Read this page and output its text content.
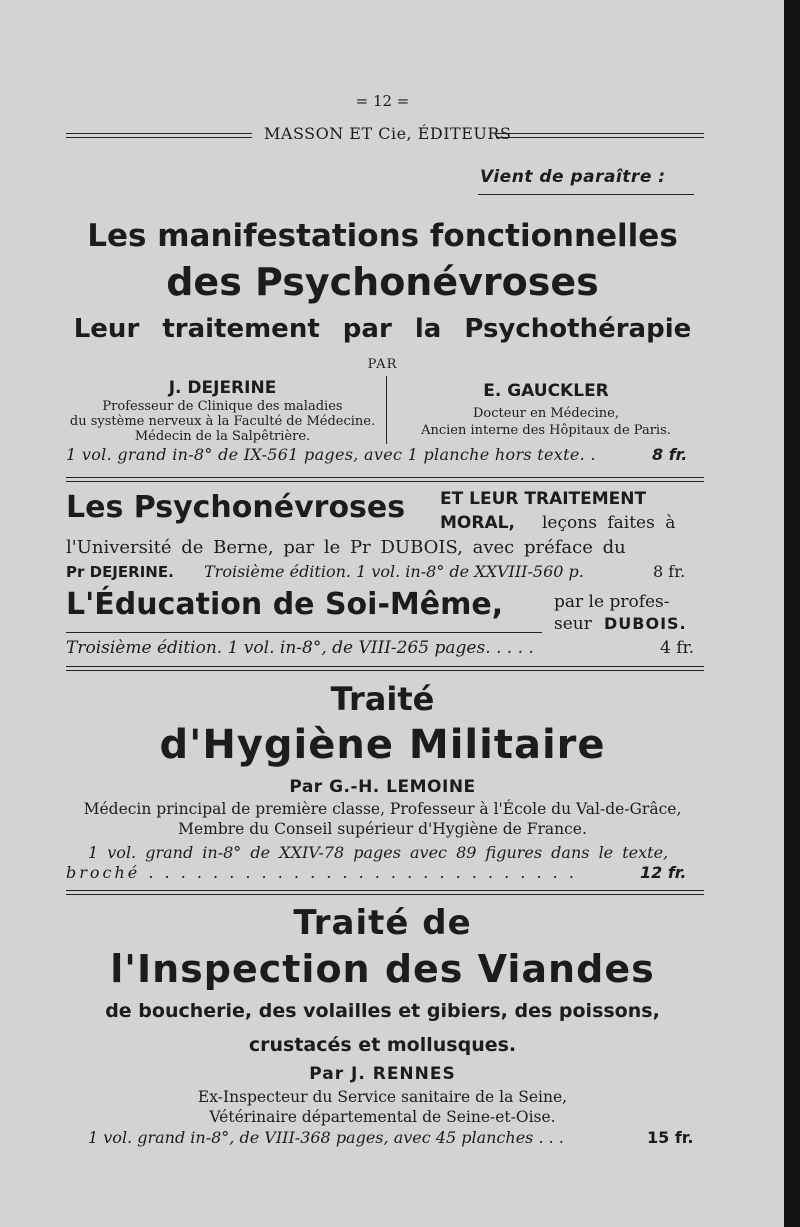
= 12 =
MASSON ET Cie, ÉDITEURS
Vient de paraître :
Les manifestations fonctionnelles
des Psychonévroses
Leur traitement par la Psychothérapie
PAR
J. DEJERINE
Professeur de Clinique des maladies
du système nerveux à la Faculté de Médecine.
Médecin de la Salpêtrière.
E. GAUCKLER
Docteur en Médecine,
Ancien interne des Hôpitaux de Paris.
1 vol. grand in-8° de IX-561 pages, avec 1 planche hors texte. .	8 fr.
Les Psychonévroses ET LEUR TRAITEMENT
MORAL, leçons faites à
l'Université de Berne, par le Pr DUBOIS, avec préface du
Pr DEJERINE. Troisième édition. 1 vol. in-8° de XXVIII-560 p.	8 fr.
L'Éducation de Soi-Même,	par le profes-
seur DUBOIS.
Troisième édition. 1 vol. in-8°, de VIII-265 pages. . . . .	4 fr.
Traité
d'Hygiène Militaire
Par G.-H. LEMOINE
Médecin principal de première classe, Professeur à l'École du Val-de-Grâce,
Membre du Conseil supérieur d'Hygiène de France.
1 vol. grand in-8° de XXIV-78 pages avec 89 figures dans le texte,
broché . . . . . . . . . . . . . . . . . . . . . . . . . . .	12 fr.
Traité de
l'Inspection des Viandes
de boucherie, des volailles et gibiers, des poissons,
crustacés et mollusques.
Par J. RENNES
Ex-Inspecteur du Service sanitaire de la Seine,
Vétérinaire départemental de Seine-et-Oise.
1 vol. grand in-8°, de VIII-368 pages, avec 45 planches . . .	15 fr.
